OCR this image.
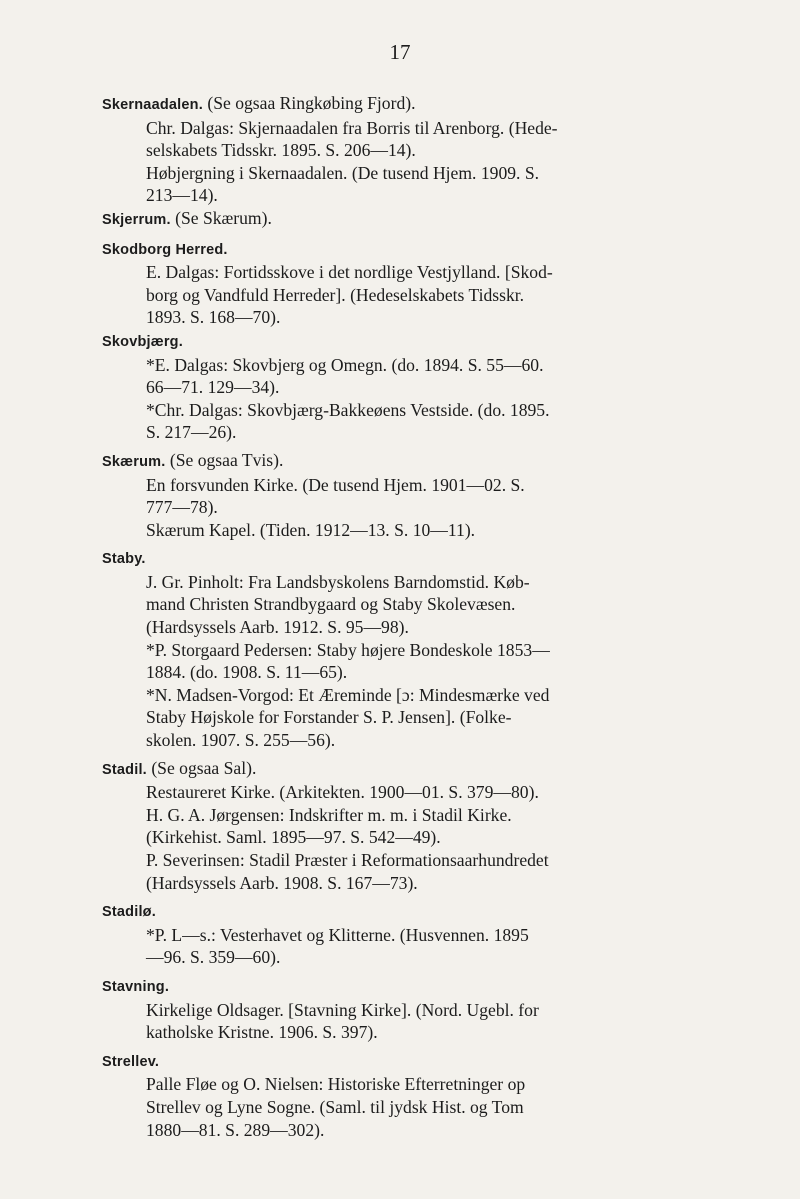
17
Skernaadalen. (Se ogsaa Ringkøbing Fjord).
Chr. Dalgas: Skjernaadalen fra Borris til Arenborg. (Hede-
selskabets Tidsskr. 1895. S. 206—14).
Høbjergning i Skernaadalen. (De tusend Hjem. 1909. S.
213—14).
Skjerrum. (Se Skærum).
Skodborg Herred.
E. Dalgas: Fortidsskove i det nordlige Vestjylland. [Skod-
borg og Vandfuld Herreder]. (Hedeselskabets Tidsskr.
1893. S. 168—70).
Skovbjærg.
*E. Dalgas: Skovbjerg og Omegn. (do. 1894. S. 55—60.
66—71. 129—34).
*Chr. Dalgas: Skovbjærg-Bakkeøens Vestside. (do. 1895.
S. 217—26).
Skærum. (Se ogsaa Tvis).
En forsvunden Kirke. (De tusend Hjem. 1901—02. S.
777—78).
Skærum Kapel. (Tiden. 1912—13. S. 10—11).
Staby.
J. Gr. Pinholt: Fra Landsbyskolens Barndomstid. Køb-
mand Christen Strandbygaard og Staby Skolevæsen.
(Hardsyssels Aarb. 1912. S. 95—98).
*P. Storgaard Pedersen: Staby højere Bondeskole 1853—
1884. (do. 1908. S. 11—65).
*N. Madsen-Vorgod: Et Æreminde [ɔ: Mindesmærke ved
Staby Højskole for Forstander S. P. Jensen]. (Folke-
skolen. 1907. S. 255—56).
Stadil. (Se ogsaa Sal).
Restaureret Kirke. (Arkitekten. 1900—01. S. 379—80).
H. G. A. Jørgensen: Indskrifter m. m. i Stadil Kirke.
(Kirkehist. Saml. 1895—97. S. 542—49).
P. Severinsen: Stadil Præster i Reformationsaarhundredet
(Hardsyssels Aarb. 1908. S. 167—73).
Stadilø.
*P. L—s.: Vesterhavet og Klitterne. (Husvennen. 1895
—96. S. 359—60).
Stavning.
Kirkelige Oldsager. [Stavning Kirke]. (Nord. Ugebl. for
katholske Kristne. 1906. S. 397).
Strellev.
Palle Fløe og O. Nielsen: Historiske Efterretninger op
Strellev og Lyne Sogne. (Saml. til jydsk Hist. og Tom
1880—81. S. 289—302).
